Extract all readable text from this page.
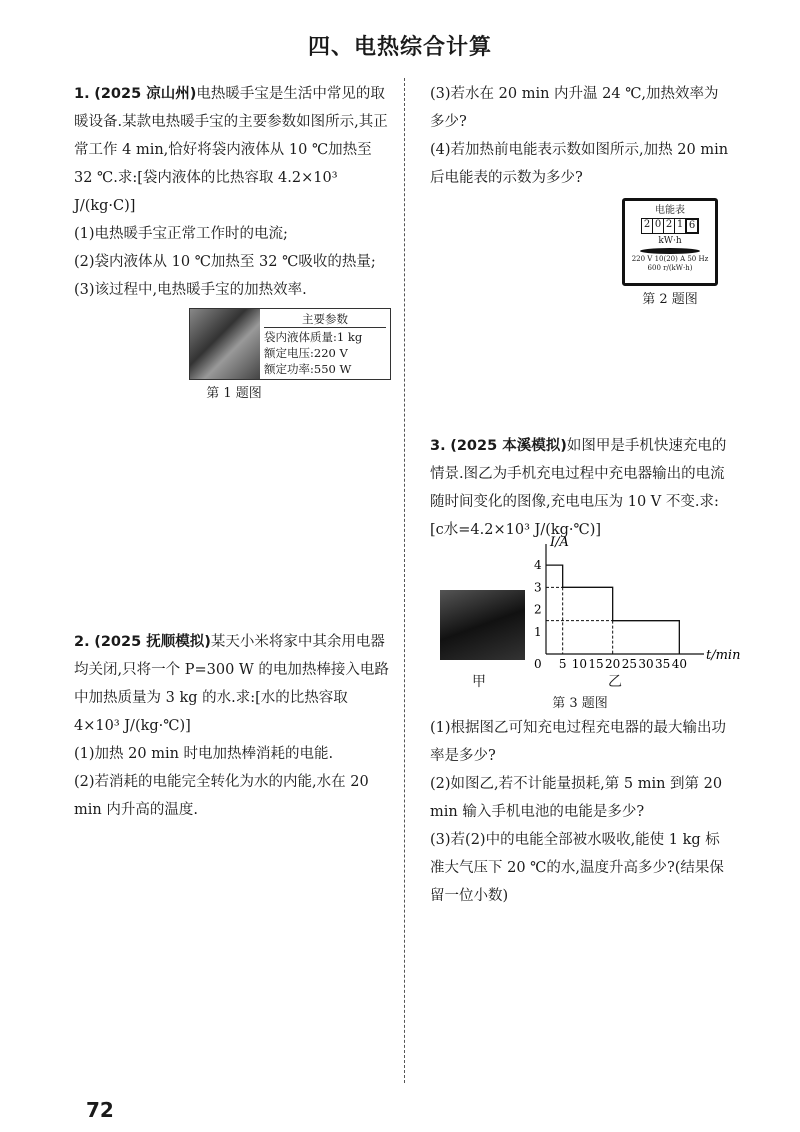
四、电热综合计算

1. (2025 凉山州)电热暖手宝是生活中常见的取暖设备.某款电热暖手宝的主要参数如图所示,其正常工作 4 min,恰好将袋内液体从 10 ℃加热至 32 ℃.求:[袋内液体的比热容取 4.2×10³ J/(kg·C)]

(1)电热暖手宝正常工作时的电流;

(2)袋内液体从 10 ℃加热至 32 ℃吸收的热量;

(3)该过程中,电热暖手宝的加热效率.

主要参数
袋内液体质量:1 kg
额定电压:220 V
额定功率:550 W
第 1 题图

2. (2025 抚顺模拟)某天小米将家中其余用电器均关闭,只将一个 P=300 W 的电加热棒接入电路中加热质量为 3 kg 的水.求:[水的比热容取 4×10³ J/(kg·℃)]

(1)加热 20 min 时电加热棒消耗的电能.

(2)若消耗的电能完全转化为水的内能,水在 20 min 内升高的温度.

(3)若水在 20 min 内升温 24 ℃,加热效率为多少?

(4)若加热前电能表示数如图所示,加热 20 min 后电能表的示数为多少?

电能表
2 0 2 1 6
kW·h
220 V 10(20) A 50 Hz
600 r/(kW·h)
第 2 题图

3. (2025 本溪模拟)如图甲是手机快速充电的情景.图乙为手机充电过程中充电器输出的电流随时间变化的图像,充电电压为 10 V 不变.求:[c水=4.2×10³ J/(kg·℃)]

甲
t/min
I/A
0 5 10 15 20 25 30 35 40
1
2
3
4
乙
第 3 题图

(1)根据图乙可知充电过程充电器的最大输出功率是多少?

(2)如图乙,若不计能量损耗,第 5 min 到第 20 min 输入手机电池的电能是多少?

(3)若(2)中的电能全部被水吸收,能使 1 kg 标准大气压下 20 ℃的水,温度升高多少?(结果保留一位小数)

72
